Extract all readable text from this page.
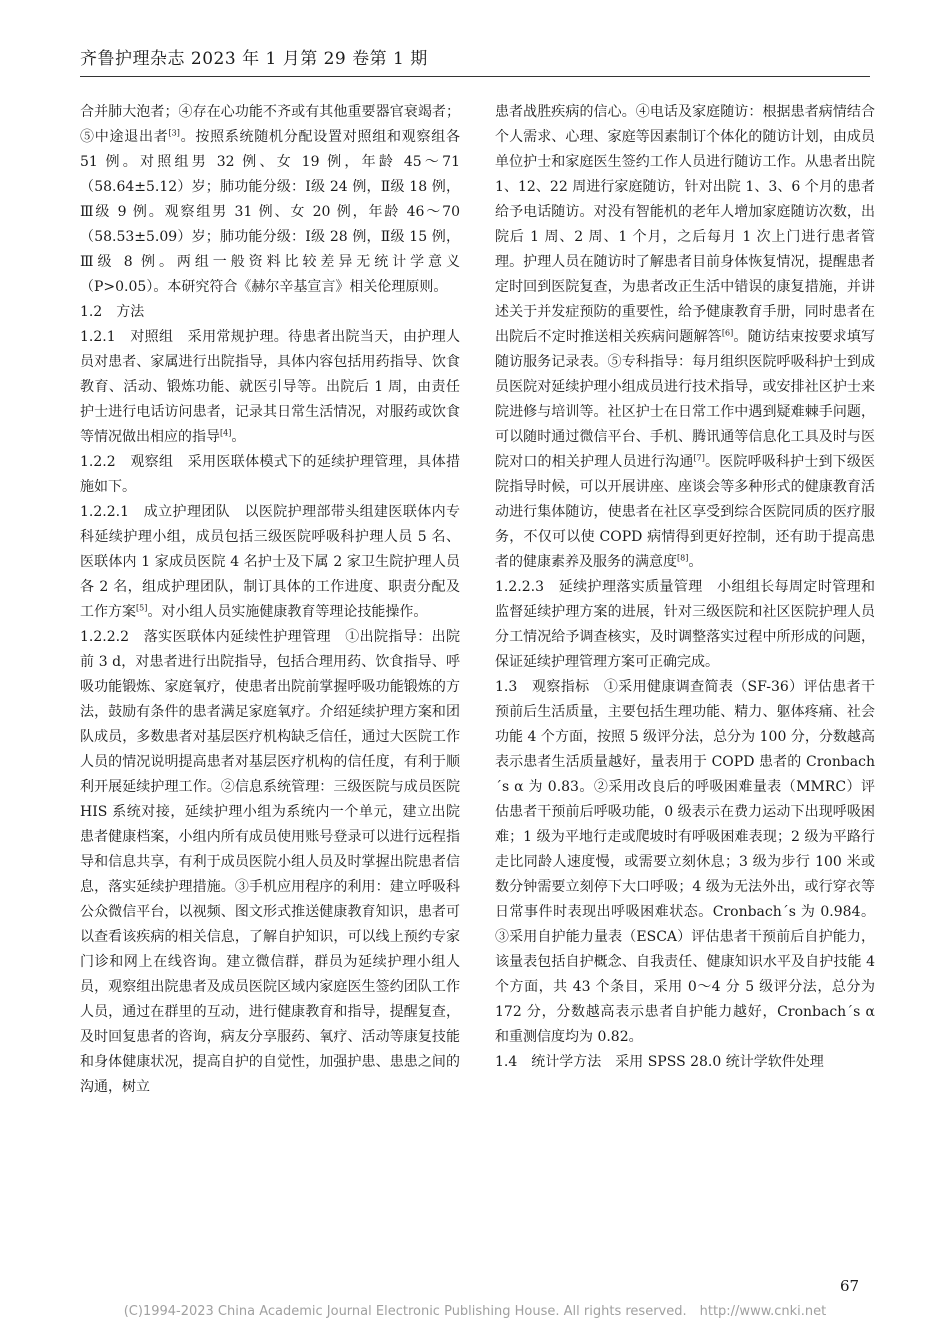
齐鲁护理杂志 2023 年 1 月第 29 卷第 1 期

合并肺大泡者；④存在心功能不齐或有其他重要器官衰竭者；⑤中途退出者[3]。按照系统随机分配设置对照组和观察组各 51 例。对照组男 32 例、女 19 例，年龄 45～71（58.64±5.12）岁；肺功能分级：Ⅰ级 24 例，Ⅱ级 18 例，Ⅲ级 9 例。观察组男 31 例、女 20 例，年龄 46～70（58.53±5.09）岁；肺功能分级：Ⅰ级 28 例，Ⅱ级 15 例，Ⅲ级 8 例。两组一般资料比较差异无统计学意义（P>0.05）。本研究符合《赫尔辛基宣言》相关伦理原则。

1.2　方法

1.2.1　对照组　采用常规护理。待患者出院当天，由护理人员对患者、家属进行出院指导，具体内容包括用药指导、饮食教育、活动、锻炼功能、就医引导等。出院后 1 周，由责任护士进行电话访问患者，记录其日常生活情况，对服药或饮食等情况做出相应的指导[4]。

1.2.2　观察组　采用医联体模式下的延续护理管理，具体措施如下。

1.2.2.1　成立护理团队　以医院护理部带头组建医联体内专科延续护理小组，成员包括三级医院呼吸科护理人员 5 名、医联体内 1 家成员医院 4 名护士及下属 2 家卫生院护理人员各 2 名，组成护理团队，制订具体的工作进度、职责分配及工作方案[5]。对小组人员实施健康教育等理论技能操作。

1.2.2.2　落实医联体内延续性护理管理　①出院指导：出院前 3 d，对患者进行出院指导，包括合理用药、饮食指导、呼吸功能锻炼、家庭氧疗，使患者出院前掌握呼吸功能锻炼的方法，鼓励有条件的患者满足家庭氧疗。介绍延续护理方案和团队成员，多数患者对基层医疗机构缺乏信任，通过大医院工作人员的情况说明提高患者对基层医疗机构的信任度，有利于顺利开展延续护理工作。②信息系统管理：三级医院与成员医院 HIS 系统对接，延续护理小组为系统内一个单元，建立出院患者健康档案，小组内所有成员使用账号登录可以进行远程指导和信息共享，有利于成员医院小组人员及时掌握出院患者信息，落实延续护理措施。③手机应用程序的利用：建立呼吸科公众微信平台，以视频、图文形式推送健康教育知识，患者可以查看该疾病的相关信息，了解自护知识，可以线上预约专家门诊和网上在线咨询。建立微信群，群员为延续护理小组人员，观察组出院患者及成员医院区域内家庭医生签约团队工作人员，通过在群里的互动，进行健康教育和指导，提醒复查，及时回复患者的咨询，病友分享服药、氧疗、活动等康复技能和身体健康状况，提高自护的自觉性，加强护患、患患之间的沟通，树立

患者战胜疾病的信心。④电话及家庭随访：根据患者病情结合个人需求、心理、家庭等因素制订个体化的随访计划，由成员单位护士和家庭医生签约工作人员进行随访工作。从患者出院 1、12、22 周进行家庭随访，针对出院 1、3、6 个月的患者给予电话随访。对没有智能机的老年人增加家庭随访次数，出院后 1 周、2 周、1 个月，之后每月 1 次上门进行患者管理。护理人员在随访时了解患者目前身体恢复情况，提醒患者定时回到医院复查，为患者改正生活中错误的康复措施，并讲述关于并发症预防的重要性，给予健康教育手册，同时患者在出院后不定时推送相关疾病问题解答[6]。随访结束按要求填写随访服务记录表。⑤专科指导：每月组织医院呼吸科护士到成员医院对延续护理小组成员进行技术指导，或安排社区护士来院进修与培训等。社区护士在日常工作中遇到疑难棘手问题，可以随时通过微信平台、手机、腾讯通等信息化工具及时与医院对口的相关护理人员进行沟通[7]。医院呼吸科护士到下级医院指导时候，可以开展讲座、座谈会等多种形式的健康教育活动进行集体随访，使患者在社区享受到综合医院同质的医疗服务，不仅可以使 COPD 病情得到更好控制，还有助于提高患者的健康素养及服务的满意度[8]。

1.2.2.3　延续护理落实质量管理　小组组长每周定时管理和监督延续护理方案的进展，针对三级医院和社区医院护理人员分工情况给予调查核实，及时调整落实过程中所形成的问题，保证延续护理管理方案可正确完成。

1.3　观察指标　①采用健康调查简表（SF-36）评估患者干预前后生活质量，主要包括生理功能、精力、躯体疼痛、社会功能 4 个方面，按照 5 级评分法，总分为 100 分，分数越高表示患者生活质量越好，量表用于 COPD 患者的 Cronbach´s α 为 0.83。②采用改良后的呼吸困难量表（MMRC）评估患者干预前后呼吸功能，0 级表示在费力运动下出现呼吸困难；1 级为平地行走或爬坡时有呼吸困难表现；2 级为平路行走比同龄人速度慢，或需要立刻休息；3 级为步行 100 米或数分钟需要立刻停下大口呼吸；4 级为无法外出，或行穿衣等日常事件时表现出呼吸困难状态。Cronbach´s 为 0.984。③采用自护能力量表（ESCA）评估患者干预前后自护能力，该量表包括自护概念、自我责任、健康知识水平及自护技能 4 个方面，共 43 个条目，采用 0～4 分 5 级评分法，总分为 172 分，分数越高表示患者自护能力越好，Cronbach´s α 和重测信度均为 0.82。

1.4　统计学方法　采用 SPSS 28.0 统计学软件处理

67
(C)1994-2023 China Academic Journal Electronic Publishing House. All rights reserved.　http://www.cnki.net
